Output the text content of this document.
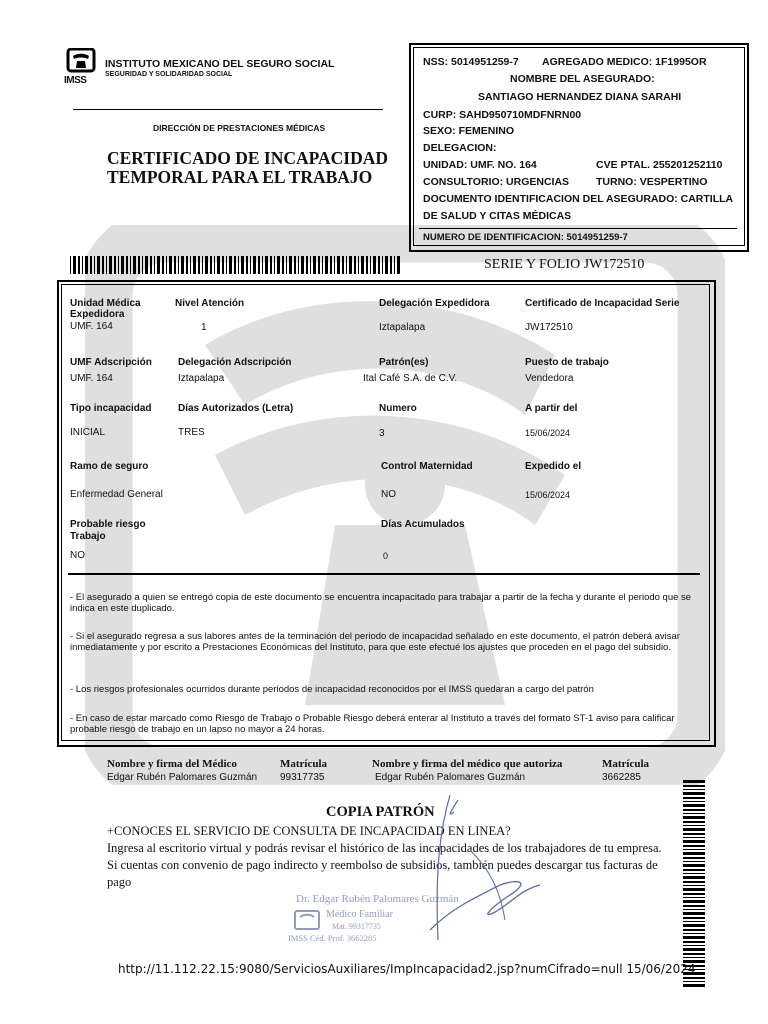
IMSS
INSTITUTO MEXICANO DEL SEGURO SOCIAL
SEGURIDAD Y SOLIDARIDAD SOCIAL
DIRECCIÓN DE PRESTACIONES MÉDICAS
CERTIFICADO DE INCAPACIDAD
TEMPORAL PARA EL TRABAJO
NSS: 5014951259-7 AGREGADO MEDICO: 1F1995OR
NOMBRE DEL ASEGURADO:
SANTIAGO HERNANDEZ DIANA SARAHI
CURP: SAHD950710MDFNRN00
SEXO: FEMENINO
DELEGACION:
UNIDAD: UMF. NO. 164	CVE PTAL. 255201252110
CONSULTORIO: URGENCIAS	TURNO: VESPERTINO
DOCUMENTO IDENTIFICACION DEL ASEGURADO: CARTILLA
DE SALUD Y CITAS MÉDICAS
NUMERO DE IDENTIFICACION: 5014951259-7
SERIE Y FOLIO JW172510
Unidad Médica
Expedidora
UMF. 164
Nivel Atención
1
Delegación Expedidora
Iztapalapa
Certificado de Incapacidad Serie
JW172510
UMF Adscripción
UMF. 164
Delegación Adscripción
Iztapalapa
Patrón(es)
Ital Café S.A. de C.V.
Puesto de trabajo
Vendedora
Tipo incapacidad
INICIAL
Días Autorizados (Letra)
TRES
Numero
3
A partir del
15/06/2024
Ramo de seguro
Enfermedad General
Control Maternidad
NO
Expedido el
15/06/2024
Probable riesgo
Trabajo
NO
Días Acumulados
0
- El asegurado a quien se entregó copia de este documento se encuentra incapacitado para trabajar a partir de la fecha y durante el periodo que se indica en este duplicado.
- Si el asegurado regresa a sus labores antes de la terminación del periodo de incapacidad señalado en este documento, el patrón deberá avisar inmediatamente y por escrito a Prestaciones Económicas del Instituto, para que este efectué los ajustes que proceden en el pago del subsidio.
- Los riesgos profesionales ocurridos durante periodos de incapacidad reconocidos por el IMSS quedaran a cargo del patrón
- En caso de estar marcado como Riesgo de Trabajo o Probable Riesgo deberá enterar al Instituto a través del formato ST-1 aviso para calificar probable riesgo de trabajo en un lapso no mayor a 24 horas.
Nombre y firma del Médico
Edgar Rubén Palomares Guzmán
Matrícula
99317735
Nombre y firma del médico que autoriza
Edgar Rubén Palomares Guzmán
Matrícula
3662285
COPIA PATRÓN
+CONOCES EL SERVICIO DE CONSULTA DE INCAPACIDAD EN LINEA?
Ingresa al escritorio virtual y podrás revisar el histórico de las incapacidades de los trabajadores de tu empresa. Si cuentas con convenio de pago indirecto y reembolso de subsidios, también puedes descargar tus facturas de pago
Dr. Edgar Rubén Palomares Guzmán
Médico Familiar
Mat. 99317735
IMSS Céd. Prof. 3662285
http://11.112.22.15:9080/ServiciosAuxiliares/ImpIncapacidad2.jsp?numCifrado=null 15/06/2024
